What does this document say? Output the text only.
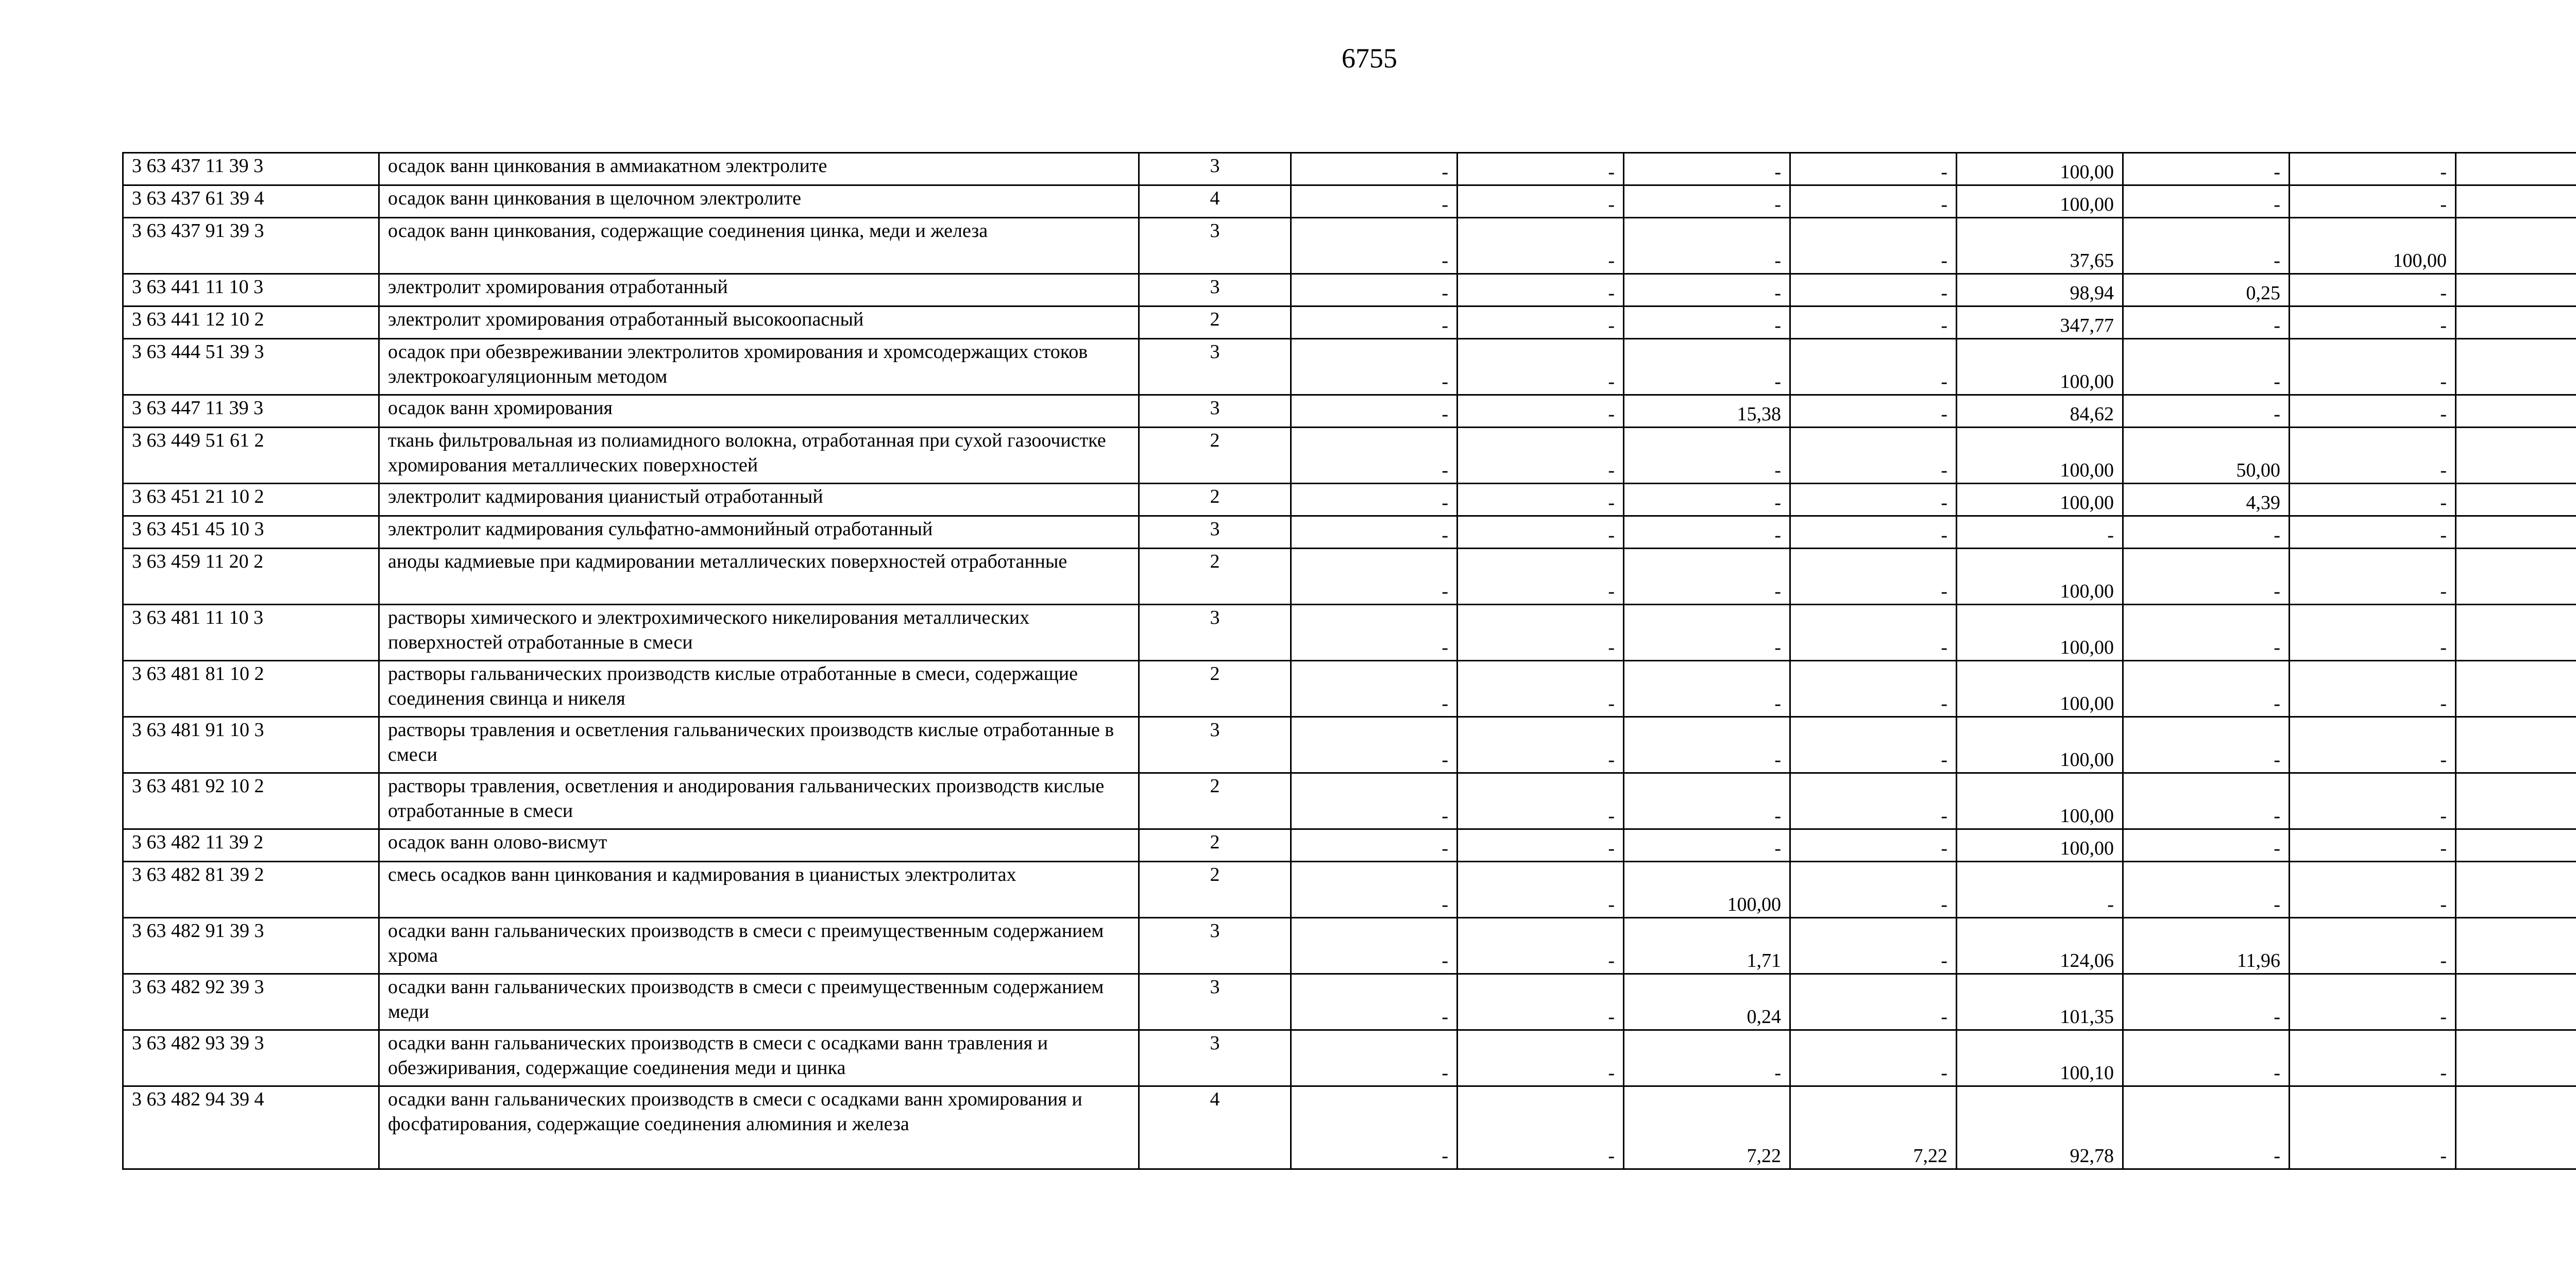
6755
3 63 437 11 39 3	осадок ванн цинкования в аммиакатном электролите	3	-	-	-	-	100,00	-	-	
3 63 437 61 39 4	осадок ванн цинкования в щелочном электролите	4	-	-	-	-	100,00	-	-	
3 63 437 91 39 3	осадок ванн цинкования, содержащие соединения цинка, меди и железа	3	-	-	-	-	37,65	-	100,00	
3 63 441 11 10 3	электролит хромирования отработанный	3	-	-	-	-	98,94	0,25	-	
3 63 441 12 10 2	электролит хромирования отработанный высокоопасный	2	-	-	-	-	347,77	-	-	
3 63 444 51 39 3	осадок при обезвреживании электролитов хромирования и хромсодержащих стоков электрокоагуляционным методом	3	-	-	-	-	100,00	-	-	
3 63 447 11 39 3	осадок ванн хромирования	3	-	-	15,38	-	84,62	-	-	
3 63 449 51 61 2	ткань фильтровальная из полиамидного волокна, отработанная при сухой газоочистке хромирования металлических поверхностей	2	-	-	-	-	100,00	50,00	-	
3 63 451 21 10 2	электролит кадмирования цианистый отработанный	2	-	-	-	-	100,00	4,39	-	
3 63 451 45 10 3	электролит кадмирования сульфатно-аммонийный отработанный	3	-	-	-	-	-	-	-	
3 63 459 11 20 2	аноды кадмиевые при кадмировании металлических поверхностей отработанные	2	-	-	-	-	100,00	-	-	
3 63 481 11 10 3	растворы химического и электрохимического никелирования металлических поверхностей отработанные в смеси	3	-	-	-	-	100,00	-	-	
3 63 481 81 10 2	растворы гальванических производств кислые отработанные в смеси, содержащие соединения свинца и никеля	2	-	-	-	-	100,00	-	-	
3 63 481 91 10 3	растворы травления и осветления гальванических производств кислые отработанные в смеси	3	-	-	-	-	100,00	-	-	
3 63 481 92 10 2	растворы травления, осветления и анодирования гальванических производств кислые отработанные в смеси	2	-	-	-	-	100,00	-	-	
3 63 482 11 39 2	осадок ванн олово-висмут	2	-	-	-	-	100,00	-	-	
3 63 482 81 39 2	смесь осадков ванн цинкования и кадмирования в цианистых электролитах	2	-	-	100,00	-	-	-	-	
3 63 482 91 39 3	осадки ванн гальванических производств в смеси с преимущественным содержанием хрома	3	-	-	1,71	-	124,06	11,96	-	
3 63 482 92 39 3	осадки ванн гальванических производств в смеси с преимущественным содержанием меди	3	-	-	0,24	-	101,35	-	-	
3 63 482 93 39 3	осадки ванн гальванических производств в смеси с осадками ванн травления и обезжиривания, содержащие соединения меди и цинка	3	-	-	-	-	100,10	-	-	
3 63 482 94 39 4	осадки ванн гальванических производств в смеси с осадками ванн хромирования и фосфатирования, содержащие соединения алюминия и железа	4	-	-	7,22	7,22	92,78	-	-	
